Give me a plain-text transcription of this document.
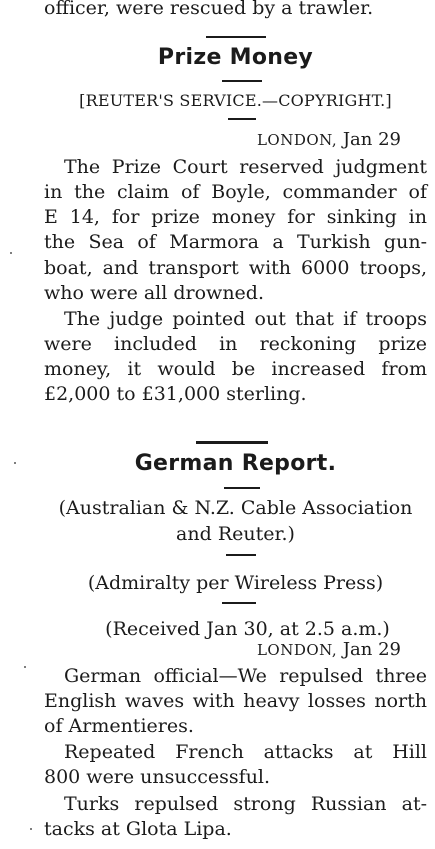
officer, were rescued by a trawler.
Prize Money
[REUTER'S SERVICE.—COPYRIGHT.]
LONDON, Jan 29
The Prize Court reserved judgment
in the claim of Boyle, commander of
E 14, for prize money for sinking in
the Sea of Marmora a Turkish gun-
boat, and transport with 6000 troops,
who were all drowned.
The judge pointed out that if troops
were included in reckoning prize
money, it would be increased from
£2,000 to £31,000 sterling.
German Report.
(Australian & N.Z. Cable Association
and Reuter.)
(Admiralty per Wireless Press)
(Received Jan 30, at 2.5 a.m.)
LONDON, Jan 29
German official—We repulsed three
English waves with heavy losses north
of Armentieres.
Repeated French attacks at Hill
800 were unsuccessful.
Turks repulsed strong Russian at-
tacks at Glota Lipa.
